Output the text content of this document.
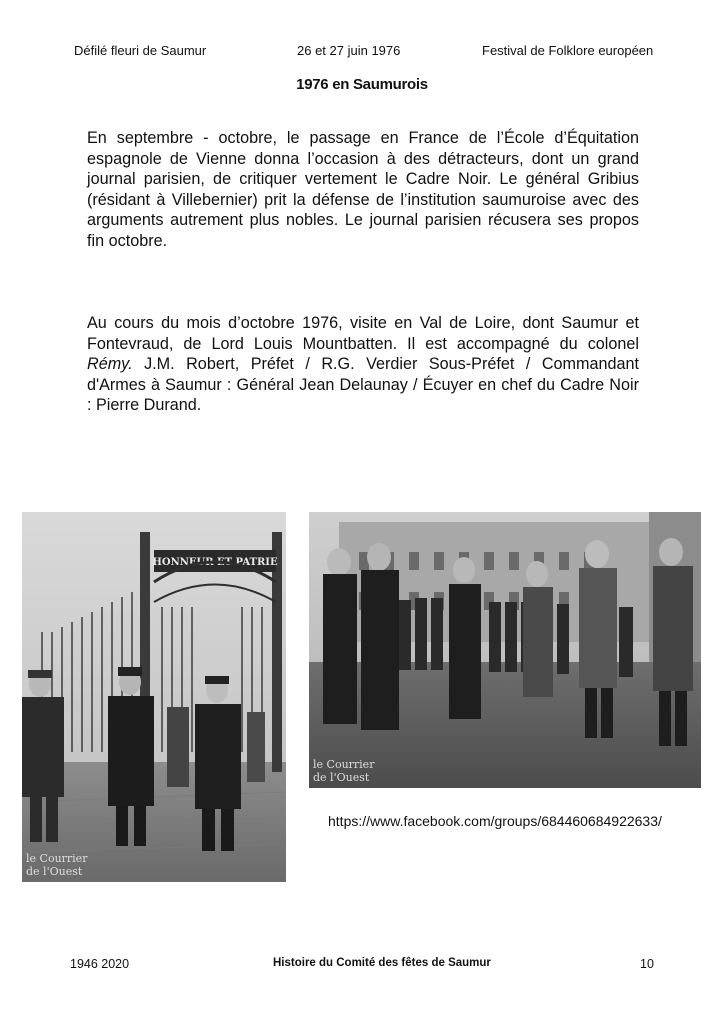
Défilé fleuri de Saumur	26 et 27 juin 1976	Festival de Folklore européen
1976 en Saumurois

En septembre - octobre, le passage en France de l’École d’Équitation espagnole de Vienne donna l’occasion à des détracteurs, dont un grand journal parisien, de critiquer vertement le Cadre Noir. Le général Gribius (résidant à Villebernier) prit la défense de l’institution saumuroise avec des arguments autrement plus nobles. Le journal parisien récusera ses propos fin octobre.

Au cours du mois d’octobre 1976, visite en Val de Loire, dont Saumur et Fontevraud, de Lord Louis Mountbatten. Il est accompagné du colonel Rémy. J.M. Robert, Préfet / R.G. Verdier Sous-Préfet / Commandant d'Armes à Saumur : Général Jean Delaunay / Écuyer en chef du Cadre Noir : Pierre Durand.

HONNEUR ET PATRIE
le Courrier
de l'Ouest
le Courrier
de l'Ouest
https://www.facebook.com/groups/684460684922633/
1946 2020	Histoire du Comité des fêtes de Saumur	10
